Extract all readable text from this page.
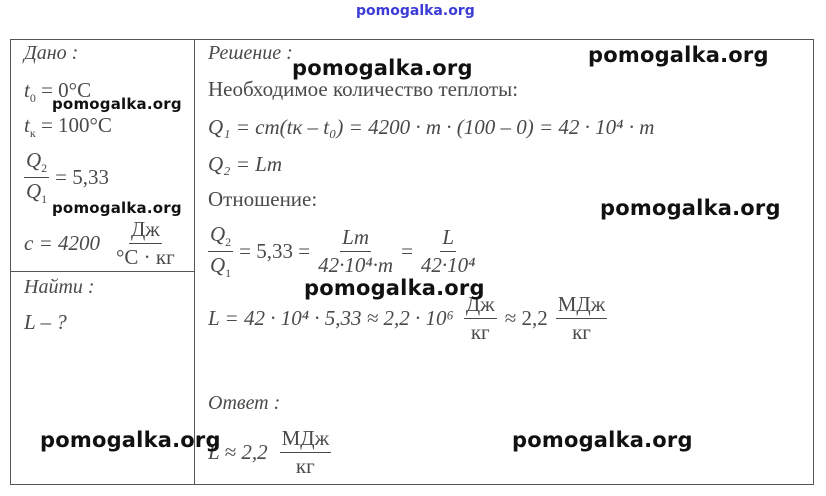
pomogalka.org
Дано :
$t_0 = 0^\circ C$
$t_к = 100^\circ C$
$\frac{Q_2}{Q_1} = 5,33$
$c = 4200 \frac{Дж}{^\circ C \cdot кг}$
Найти :
L – ?
Решение :
Необходимое количество теплоты:
Q₁ = cm(tк – t₀) = 4200 · m · (100 – 0) = 42 · 10⁴ · m
Q₂ = Lm
Отношение:
$\frac{Q_2}{Q_1} = 5,33 = \frac{Lm}{\text{42·10⁴·m}} = \frac{L}{\text{42·10⁴}}$
$L = 42 \cdot 10^4 \cdot 5,33 \approx 2,2 \cdot 10^6 \frac{Дж}{кг} \approx 2,2 \frac{\text{МДж}}{кг}$
Ответ :
$L \approx 2,2 \frac{\text{МДж}}{кг}$
pomogalka.org
pomogalka.org
pomogalka.org
pomogalka.org	pomogalka.org
pomogalka.org
pomogalka.org	pomogalka.org
